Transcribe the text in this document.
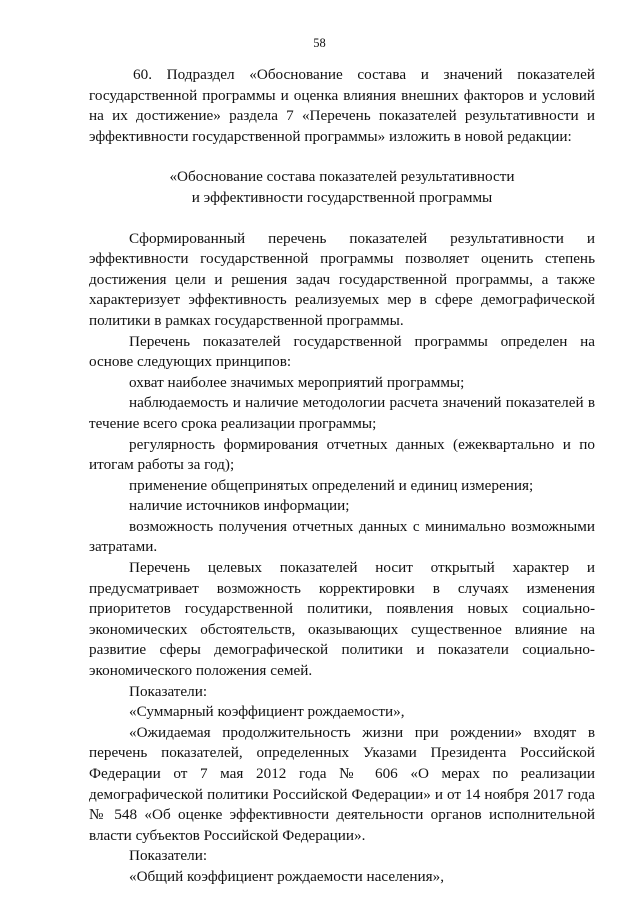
58

60. Подраздел «Обоснование состава и значений показателей государственной программы и оценка влияния внешних факторов и условий на их достижение» раздела 7 «Перечень показателей результативности и эффективности государственной программы» изложить в новой редакции:

«Обоснование состава показателей результативности
и эффективности государственной программы

Сформированный перечень показателей результативности и эффективности государственной программы позволяет оценить степень достижения цели и решения задач государственной программы, а также характеризует эффективность реализуемых мер в сфере демографической политики в рамках государственной программы.

Перечень показателей государственной программы определен на основе следующих принципов:

охват наиболее значимых мероприятий программы;

наблюдаемость и наличие методологии расчета значений показателей в течение всего срока реализации программы;

регулярность формирования отчетных данных (ежеквартально и по итогам работы за год);

применение общепринятых определений и единиц измерения;

наличие источников информации;

возможность получения отчетных данных с минимально возможными затратами.

Перечень целевых показателей носит открытый характер и предусматривает возможность корректировки в случаях изменения приоритетов государственной политики, появления новых социально-экономических обстоятельств, оказывающих существенное влияние на развитие сферы демографической политики и показатели социально-экономического положения семей.

Показатели:

«Суммарный коэффициент рождаемости»,

«Ожидаемая продолжительность жизни при рождении» входят в перечень показателей, определенных Указами Президента Российской Федерации от 7 мая 2012 года № 606 «О мерах по реализации демографической политики Российской Федерации» и от 14 ноября 2017 года № 548 «Об оценке эффективности деятельности органов исполнительной власти субъектов Российской Федерации».

Показатели:

«Общий коэффициент рождаемости населения»,
